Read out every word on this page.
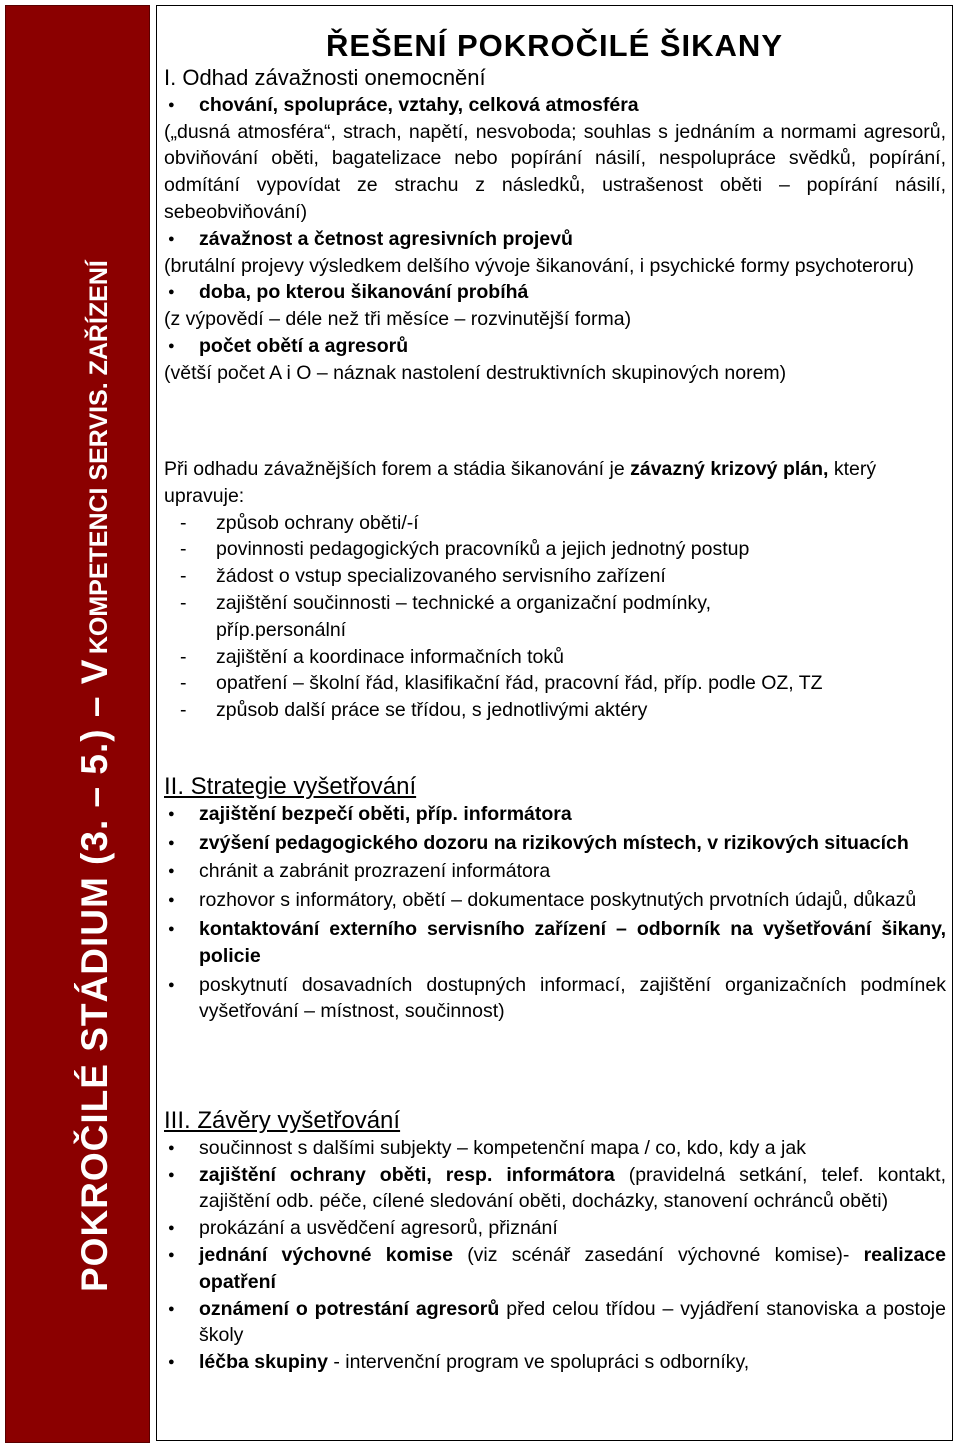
POKROČILÉ STÁDIUM (3. – 5.) – V KOMPETENCI SERVIS. ZAŘÍZENÍ
ŘEŠENÍ POKROČILÉ ŠIKANY
I. Odhad závažnosti onemocnění
● chování, spolupráce, vztahy, celková atmosféra
(„dusná atmosféra“, strach, napětí, nesvoboda; souhlas s jednáním a normami agresorů, obviňování oběti, bagatelizace nebo popírání násilí, nespolupráce svědků, popírání, odmítání vypovídat ze strachu z následků, ustrašenost oběti – popírání násilí, sebeobviňování)
● závažnost a četnost agresivních projevů
(brutální projevy výsledkem delšího vývoje šikanování, i psychické formy psychoteroru)
● doba, po kterou šikanování probíhá
(z výpovědí – déle než tři měsíce – rozvinutější forma)
● počet obětí a agresorů
(větší počet A i O – náznak nastolení destruktivních skupinových norem)
Při odhadu závažnějších forem a stádia šikanování je závazný krizový plán, který upravuje:
- způsob ochrany oběti/-í
- povinnosti pedagogických pracovníků a jejich jednotný postup
- žádost o vstup specializovaného servisního zařízení
- zajištění součinnosti – technické a organizační podmínky, příp.personální
- zajištění a koordinace informačních toků
- opatření – školní řád, klasifikační řád, pracovní řád, příp. podle OZ, TZ
- způsob další práce se třídou, s jednotlivými aktéry
II. Strategie vyšetřování
● zajištění bezpečí oběti, příp. informátora
● zvýšení pedagogického dozoru na rizikových místech, v rizikových situacích
● chránit a zabránit prozrazení informátora
● rozhovor s informátory, obětí – dokumentace poskytnutých prvotních údajů, důkazů
● kontaktování externího servisního zařízení – odborník na vyšetřování šikany, policie
● poskytnutí dosavadních dostupných informací, zajištění organizačních podmínek vyšetřování – místnost, součinnost)
III. Závěry vyšetřování
● součinnost s dalšími subjekty – kompetenční mapa / co, kdo, kdy a jak
● zajištění ochrany oběti, resp. informátora (pravidelná setkání, telef. kontakt, zajištění odb. péče, cílené sledování oběti, docházky, stanovení ochránců oběti)
● prokázání a usvědčení agresorů, přiznání
● jednání výchovné komise (viz scénář zasedání výchovné komise)- realizace opatření
● oznámení o potrestání agresorů před celou třídou – vyjádření stanoviska a postoje školy
● léčba skupiny - intervenční program ve spolupráci s odborníky,
